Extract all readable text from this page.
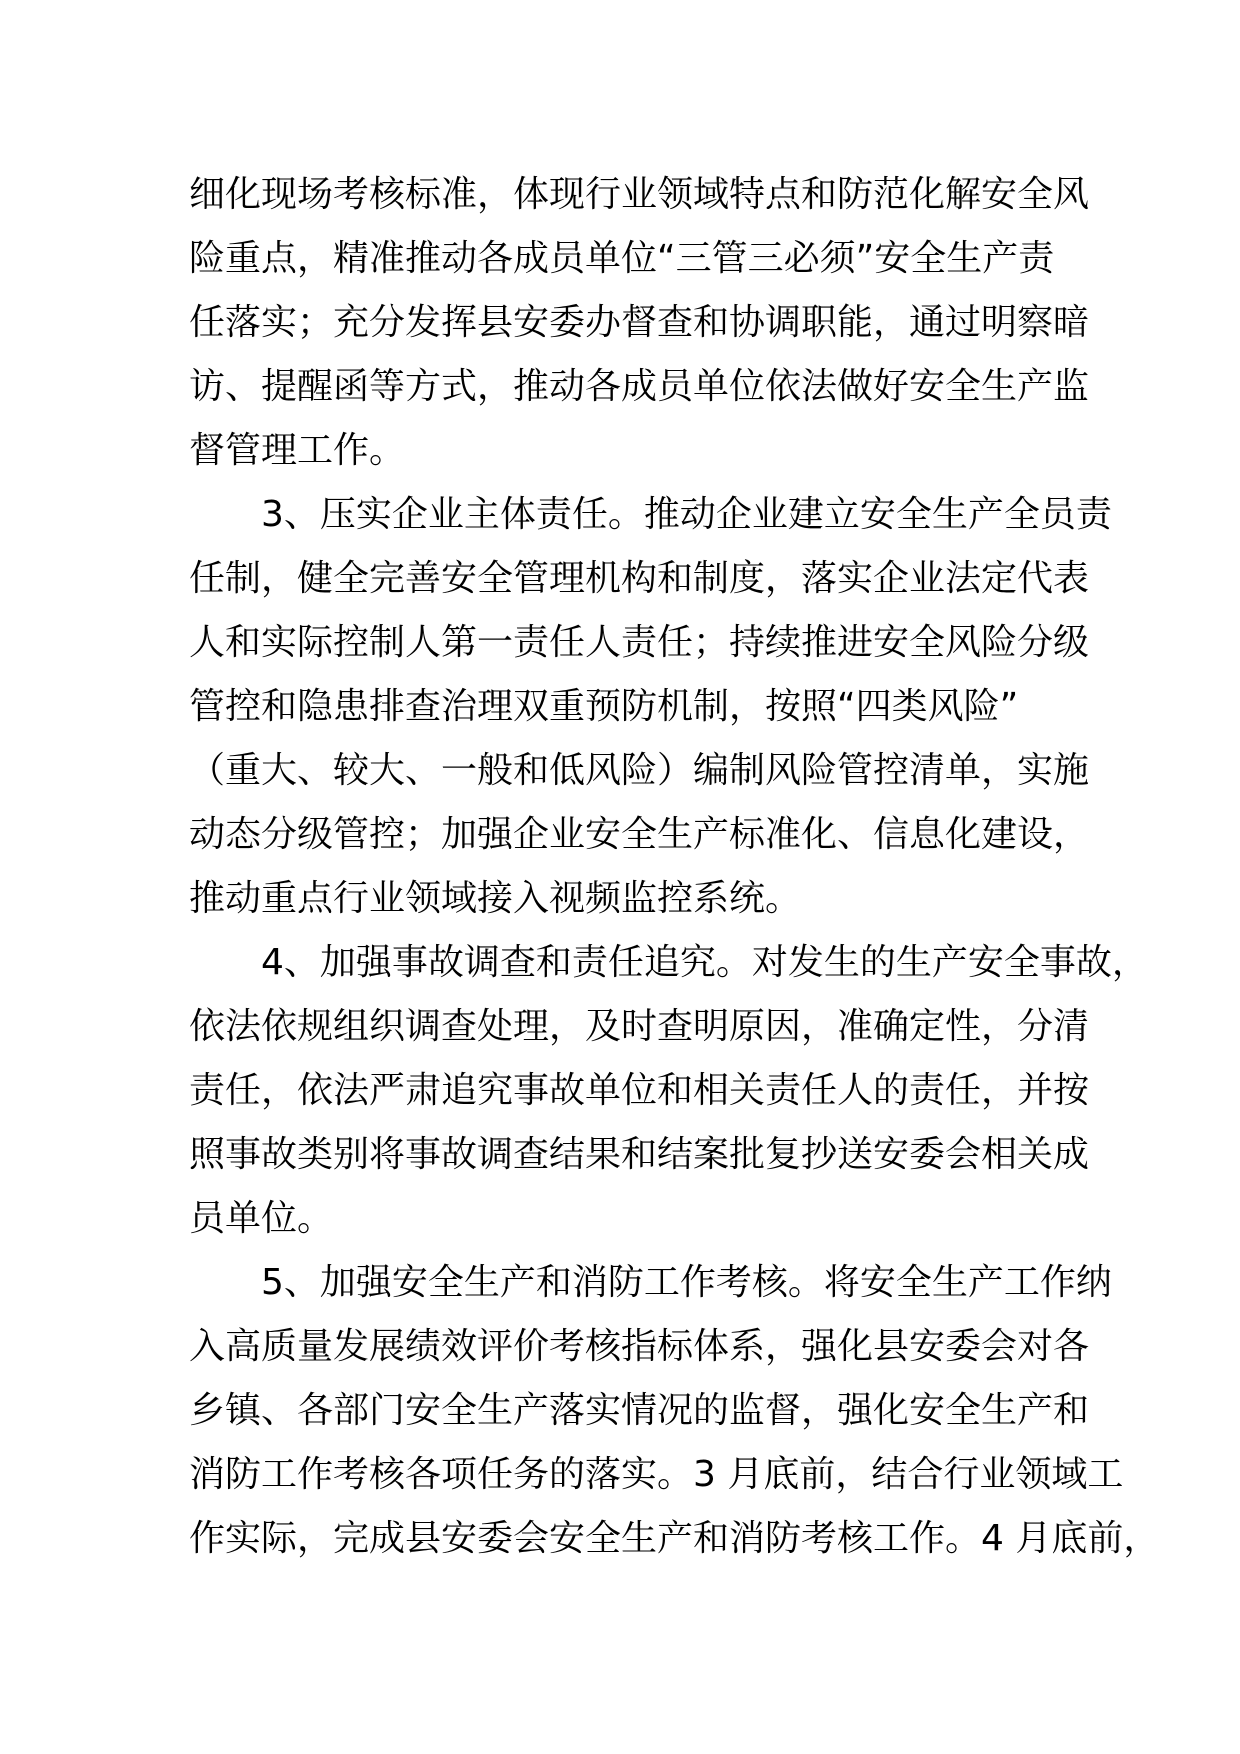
细化现场考核标准，体现行业领域特点和防范化解安全风
险重点，精准推动各成员单位“三管三必须”安全生产责
任落实；充分发挥县安委办督查和协调职能，通过明察暗
访、提醒函等方式，推动各成员单位依法做好安全生产监
督管理工作。
3、压实企业主体责任。推动企业建立安全生产全员责
任制，健全完善安全管理机构和制度，落实企业法定代表
人和实际控制人第一责任人责任；持续推进安全风险分级
管控和隐患排查治理双重预防机制，按照“四类风险”
（重大、较大、一般和低风险）编制风险管控清单，实施
动态分级管控；加强企业安全生产标准化、信息化建设，
推动重点行业领域接入视频监控系统。
4、加强事故调查和责任追究。对发生的生产安全事故，
依法依规组织调查处理，及时查明原因，准确定性，分清
责任，依法严肃追究事故单位和相关责任人的责任，并按
照事故类别将事故调查结果和结案批复抄送安委会相关成
员单位。
5、加强安全生产和消防工作考核。将安全生产工作纳
入高质量发展绩效评价考核指标体系，强化县安委会对各
乡镇、各部门安全生产落实情况的监督，强化安全生产和
消防工作考核各项任务的落实。3 月底前，结合行业领域工
作实际，完成县安委会安全生产和消防考核工作。4 月底前，
